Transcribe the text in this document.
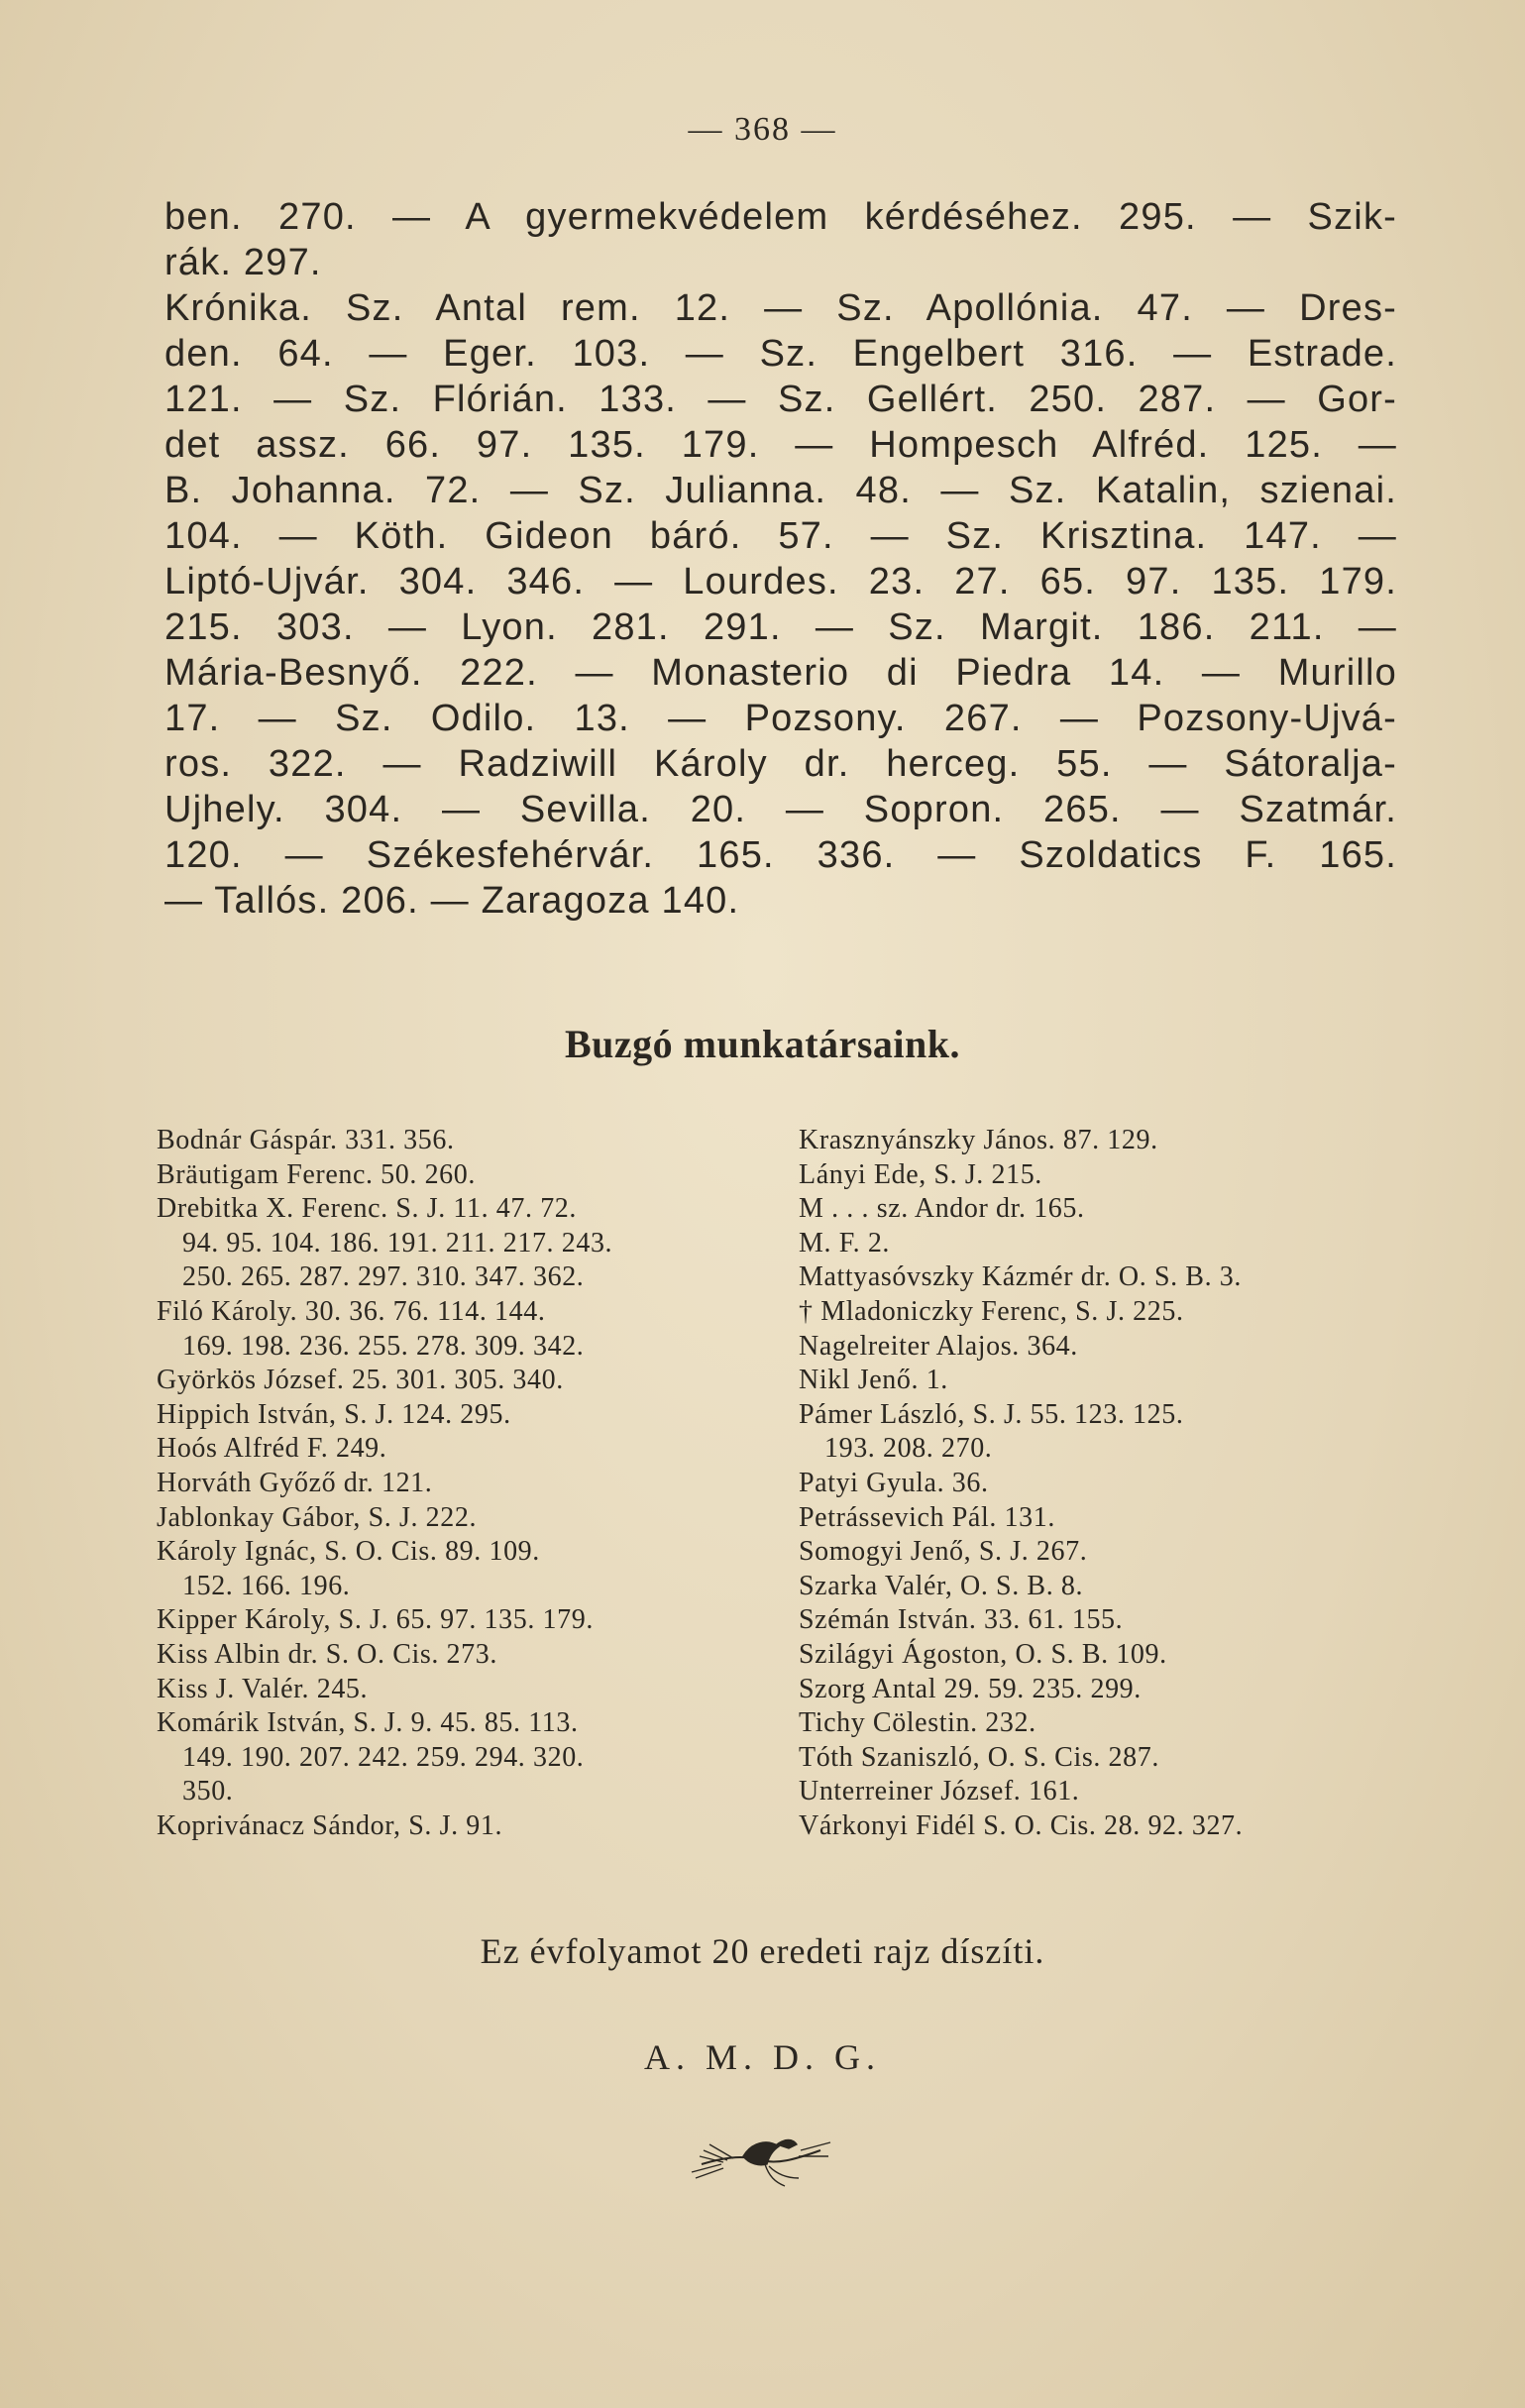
— 368 —
ben. 270. — A gyermekvédelem kérdéséhez. 295. — Szik-
rák. 297.
Krónika. Sz. Antal rem. 12. — Sz. Apollónia. 47. — Dres-
den. 64. — Eger. 103. — Sz. Engelbert 316. — Estrade.
121. — Sz. Flórián. 133. — Sz. Gellért. 250. 287. — Gor-
det assz. 66. 97. 135. 179. — Hompesch Alfréd. 125. —
B. Johanna. 72. — Sz. Julianna. 48. — Sz. Katalin, szienai.
104. — Köth. Gideon báró. 57. — Sz. Krisztina. 147. —
Liptó-Ujvár. 304. 346. — Lourdes. 23. 27. 65. 97. 135. 179.
215. 303. — Lyon. 281. 291. — Sz. Margit. 186. 211. —
Mária-Besnyő. 222. — Monasterio di Piedra 14. — Murillo
17. — Sz. Odilo. 13. — Pozsony. 267. — Pozsony-Ujvá-
ros. 322. — Radziwill Károly dr. herceg. 55. — Sátoralja-
Ujhely. 304. — Sevilla. 20. — Sopron. 265. — Szatmár.
120. — Székesfehérvár. 165. 336. — Szoldatics F. 165.
— Tallós. 206. — Zaragoza 140.
Buzgó munkatársaink.
Bodnár Gáspár. 331. 356.
Bräutigam Ferenc. 50. 260.
Drebitka X. Ferenc. S. J. 11. 47. 72.
94. 95. 104. 186. 191. 211. 217. 243.
250. 265. 287. 297. 310. 347. 362.
Filó Károly. 30. 36. 76. 114. 144.
169. 198. 236. 255. 278. 309. 342.
Györkös József. 25. 301. 305. 340.
Hippich István, S. J. 124. 295.
Hoós Alfréd F. 249.
Horváth Győző dr. 121.
Jablonkay Gábor, S. J. 222.
Károly Ignác, S. O. Cis. 89. 109.
152. 166. 196.
Kipper Károly, S. J. 65. 97. 135. 179.
Kiss Albin dr. S. O. Cis. 273.
Kiss J. Valér. 245.
Komárik István, S. J. 9. 45. 85. 113.
149. 190. 207. 242. 259. 294. 320.
350.
Koprivánacz Sándor, S. J. 91.
Krasznyánszky János. 87. 129.
Lányi Ede, S. J. 215.
M . . . sz. Andor dr. 165.
M. F. 2.
Mattyasóvszky Kázmér dr. O. S. B. 3.
† Mladoniczky Ferenc, S. J. 225.
Nagelreiter Alajos. 364.
Nikl Jenő. 1.
Pámer László, S. J. 55. 123. 125.
193. 208. 270.
Patyi Gyula. 36.
Petrássevich Pál. 131.
Somogyi Jenő, S. J. 267.
Szarka Valér, O. S. B. 8.
Szémán István. 33. 61. 155.
Szilágyi Ágoston, O. S. B. 109.
Szorg Antal 29. 59. 235. 299.
Tichy Cölestin. 232.
Tóth Szaniszló, O. S. Cis. 287.
Unterreiner József. 161.
Várkonyi Fidél S. O. Cis. 28. 92. 327.
Ez évfolyamot 20 eredeti rajz díszíti.
A. M. D. G.
